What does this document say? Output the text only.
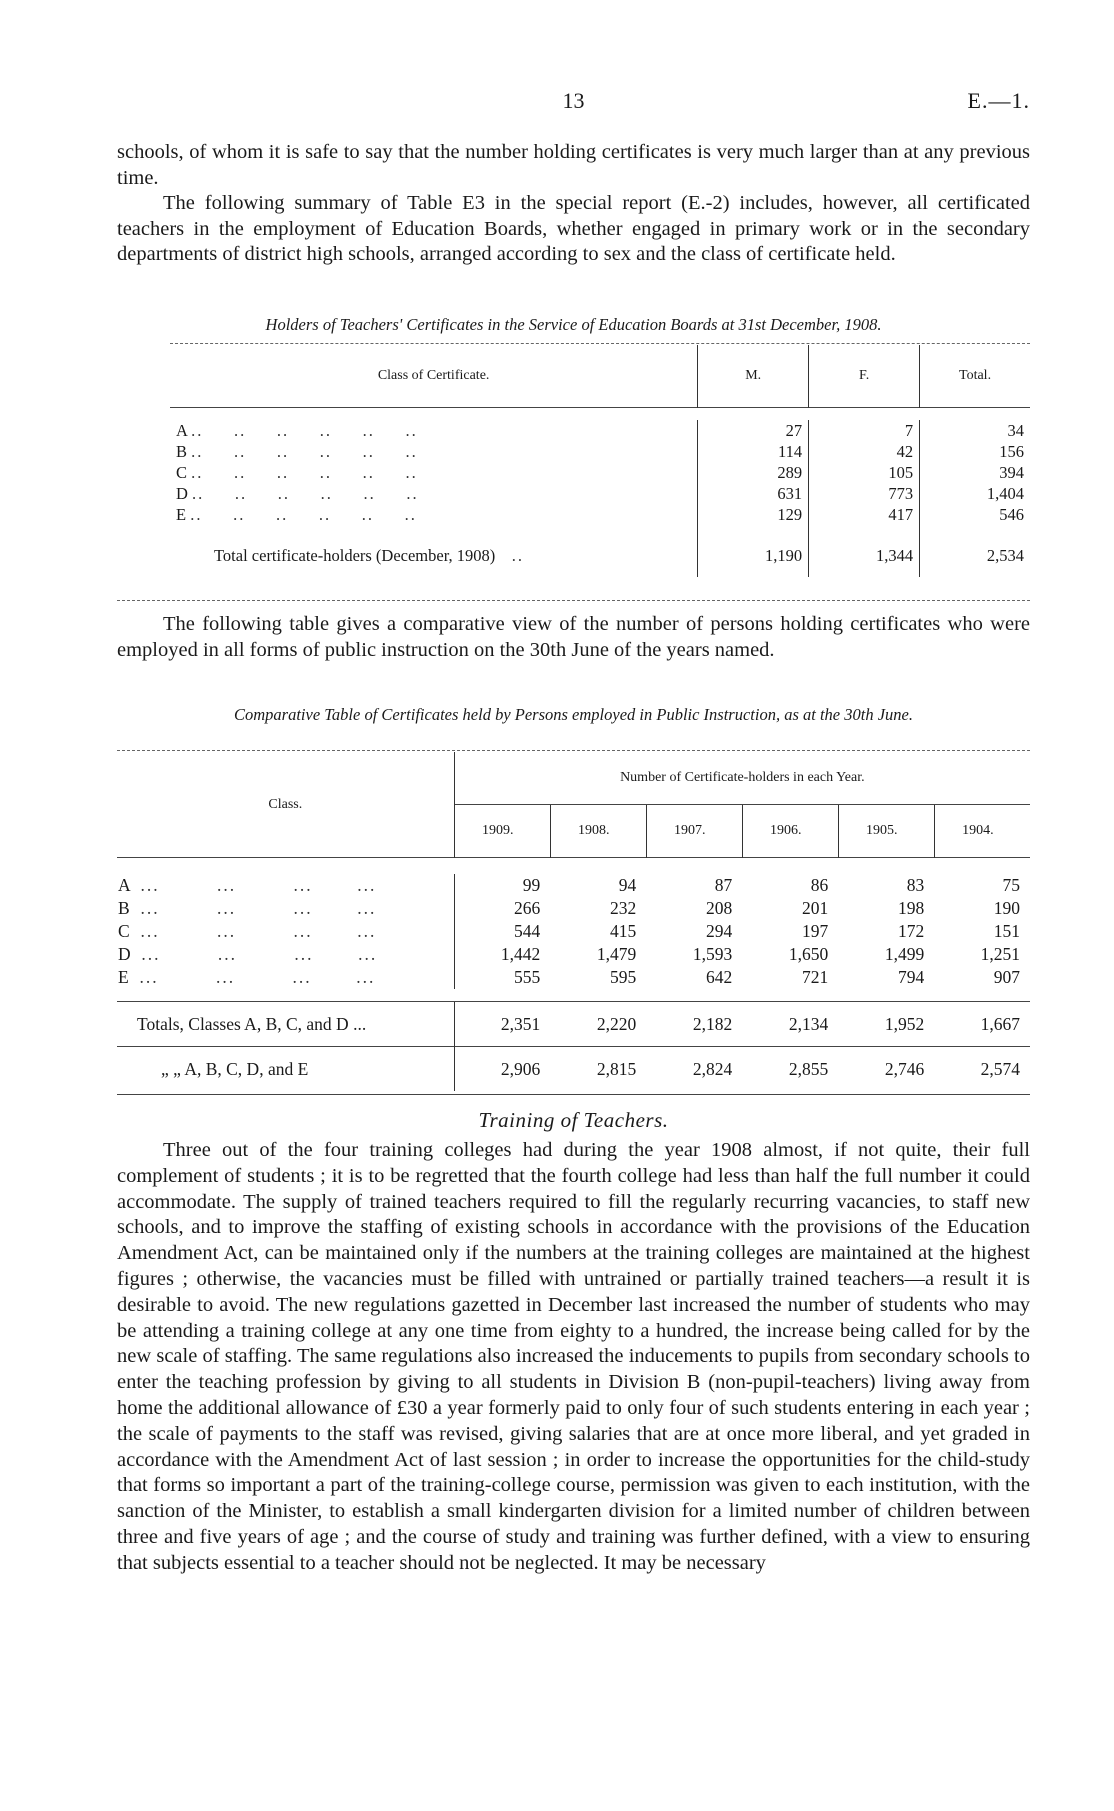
13	E.—1.

schools, of whom it is safe to say that the number holding certificates is very much larger than at any previous time.

The following summary of Table E3 in the special report (E.-2) includes, however, all certificated teachers in the employment of Education Boards, whether engaged in primary work or in the secondary departments of district high schools, arranged according to sex and the class of certificate held.

Holders of Teachers' Certificates in the Service of Education Boards at 31st December, 1908.
Class of Certificate.	M.	F.	Total.

A ..     ..     ..     ..     ..     ..	27	7	34
B ..     ..     ..     ..     ..     ..	114	42	156
C ..     ..     ..     ..     ..     ..	289	105	394
D ..     ..     ..     ..     ..     ..	631	773	1,404
E ..     ..     ..     ..     ..     ..	129	417	546
Total certificate-holders (December, 1908)   ..	1,190	1,344	2,534

The following table gives a comparative view of the number of persons holding certificates who were employed in all forms of public instruction on the 30th June of the years named.

Comparative Table of Certificates held by Persons employed in Public Instruction, as at the 30th June.
Class.	Number of Certificate-holders in each Year.					
	1909.	1908.	1907.	1906.	1905.	1904.

A  ...         ...         ...       ...	99	94	87	86	83	75
B  ...         ...         ...       ...	266	232	208	201	198	190
C  ...         ...         ...       ...	544	415	294	197	172	151
D  ...         ...         ...       ...	1,442	1,479	1,593	1,650	1,499	1,251
E  ...         ...         ...       ...	555	595	642	721	794	907

Totals, Classes A, B, C, and D ...	2,351	2,220	2,182	2,134	1,952	1,667
„ „ A, B, C, D, and E	2,906	2,815	2,824	2,855	2,746	2,574
Training of Teachers.

Three out of the four training colleges had during the year 1908 almost, if not quite, their full complement of students ; it is to be regretted that the fourth college had less than half the full number it could accommodate. The supply of trained teachers required to fill the regularly recurring vacancies, to staff new schools, and to improve the staffing of existing schools in accordance with the provisions of the Education Amendment Act, can be maintained only if the numbers at the training colleges are maintained at the highest figures ; otherwise, the vacancies must be filled with untrained or partially trained teachers—a result it is desirable to avoid. The new regulations gazetted in December last increased the number of students who may be attending a training college at any one time from eighty to a hundred, the increase being called for by the new scale of staffing. The same regulations also increased the inducements to pupils from secondary schools to enter the teaching profession by giving to all students in Division B (non-pupil-teachers) living away from home the additional allowance of £30 a year formerly paid to only four of such students entering in each year ; the scale of payments to the staff was revised, giving salaries that are at once more liberal, and yet graded in accordance with the Amendment Act of last session ; in order to increase the opportunities for the child-study that forms so important a part of the training-college course, permission was given to each institution, with the sanction of the Minister, to establish a small kindergarten division for a limited number of children between three and five years of age ; and the course of study and training was further defined, with a view to ensuring that subjects essential to a teacher should not be neglected. It may be necessary
